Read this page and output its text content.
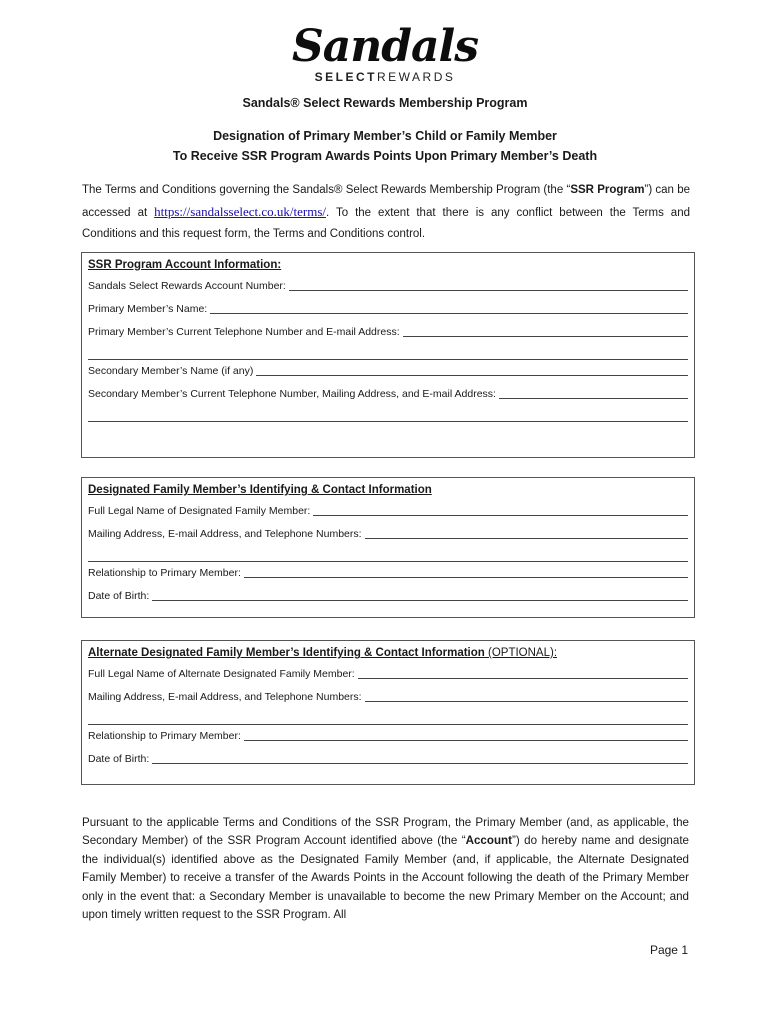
Sandals
SELECTREWARDS
Sandals® Select Rewards Membership Program
Designation of Primary Member’s Child or Family Member
To Receive SSR Program Awards Points Upon Primary Member’s Death
The Terms and Conditions governing the Sandals® Select Rewards Membership Program (the “SSR Program”) can be accessed at https://sandalsselect.co.uk/terms/. To the extent that there is any conflict between the Terms and Conditions and this request form, the Terms and Conditions control.
SSR Program Account Information:
Sandals Select Rewards Account Number:
Primary Member’s Name:
Primary Member’s Current Telephone Number and E-mail Address:
Secondary Member’s Name (if any)
Secondary Member’s Current Telephone Number, Mailing Address, and E-mail Address:
Designated Family Member’s Identifying & Contact Information
Full Legal Name of Designated Family Member:
Mailing Address, E-mail Address, and Telephone Numbers:
Relationship to Primary Member:
Date of Birth:
Alternate Designated Family Member’s Identifying & Contact Information (OPTIONAL):
Full Legal Name of Alternate Designated Family Member:
Mailing Address, E-mail Address, and Telephone Numbers:
Relationship to Primary Member:
Date of Birth:
Pursuant to the applicable Terms and Conditions of the SSR Program, the Primary Member (and, as applicable, the Secondary Member) of the SSR Program Account identified above (the “Account”) do hereby name and designate the individual(s) identified above as the Designated Family Member (and, if applicable, the Alternate Designated Family Member) to receive a transfer of the Awards Points in the Account following the death of the Primary Member only in the event that: a Secondary Member is unavailable to become the new Primary Member on the Account; and upon timely written request to the SSR Program. All
Page 1
